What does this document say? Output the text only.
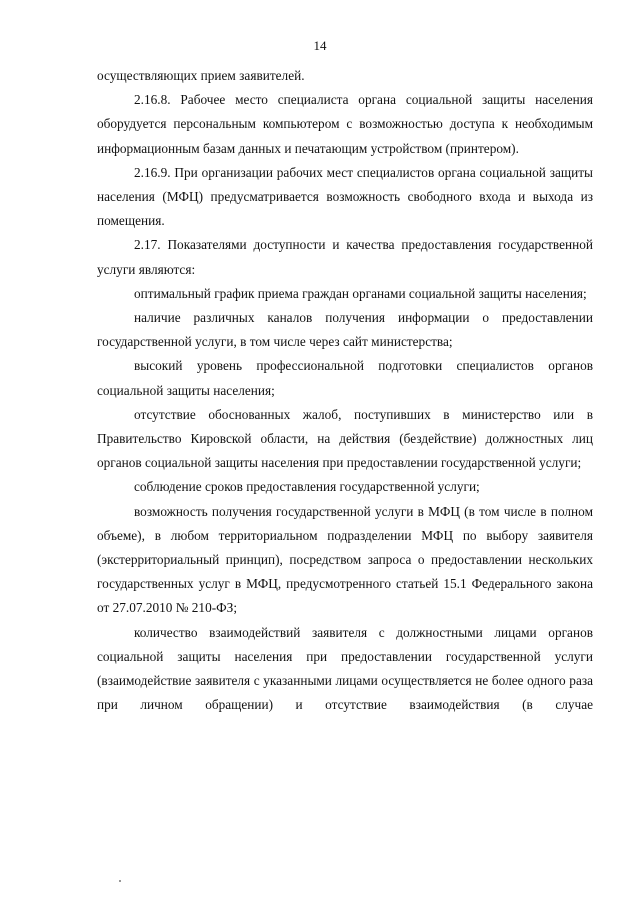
14

осуществляющих прием заявителей.

2.16.8. Рабочее место специалиста органа социальной защиты населения оборудуется персональным компьютером с возможностью доступа к необходимым информационным базам данных и печатающим устройством (принтером).

2.16.9. При организации рабочих мест специалистов органа социальной защиты населения (МФЦ) предусматривается возможность свободного входа и выхода из помещения.

2.17. Показателями доступности и качества предоставления государственной услуги являются:

оптимальный график приема граждан органами социальной защиты населения;

наличие различных каналов получения информации о предоставлении государственной услуги, в том числе через сайт министерства;

высокий уровень профессиональной подготовки специалистов органов социальной защиты населения;

отсутствие обоснованных жалоб, поступивших в министерство или в Правительство Кировской области, на действия (бездействие) должностных лиц органов социальной защиты населения при предоставлении государственной услуги;

соблюдение сроков предоставления государственной услуги;

возможность получения государственной услуги в МФЦ (в том числе в полном объеме), в любом территориальном подразделении МФЦ по выбору заявителя (экстерриториальный принцип), посредством запроса о предоставлении нескольких государственных услуг в МФЦ, предусмотренного статьей 15.1 Федерального закона от 27.07.2010 № 210-ФЗ;

количество взаимодействий заявителя с должностными лицами органов социальной защиты населения при предоставлении государственной услуги (взаимодействие заявителя с указанными лицами осуществляется не более одного раза при личном обращении) и отсутствие взаимодействия (в случае
